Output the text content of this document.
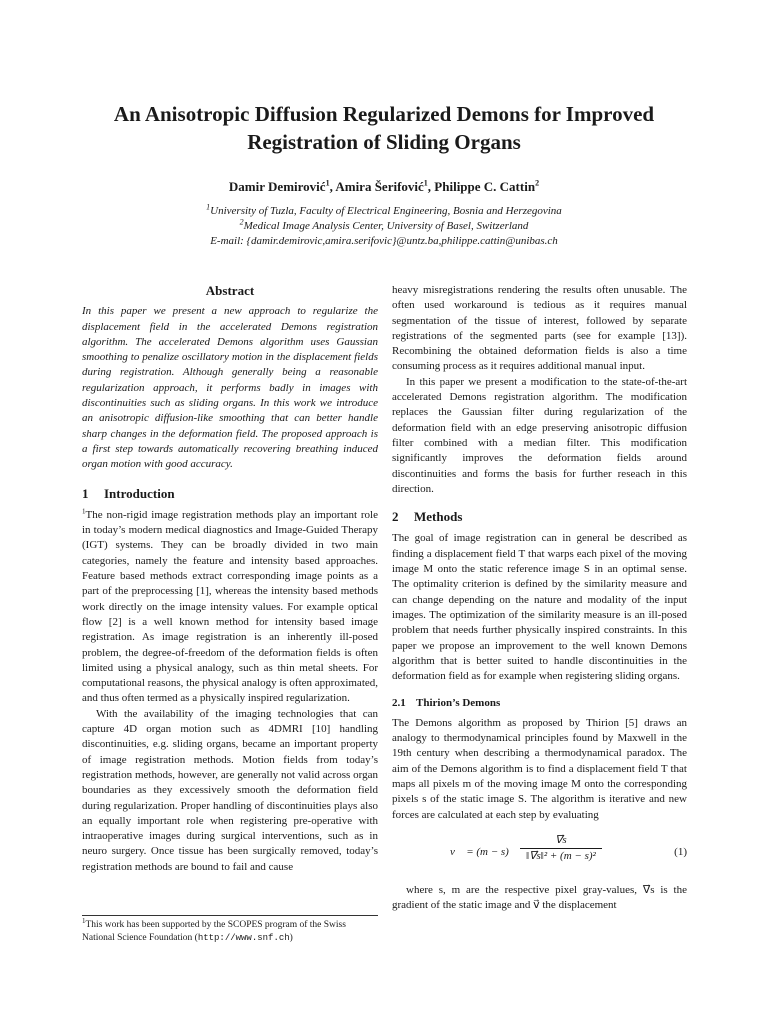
An Anisotropic Diffusion Regularized Demons for Improved
Registration of Sliding Organs
Damir Demirović$^1$, Amira Šerifović$^1$, Philippe C. Cattin$^2$
$^1$University of Tuzla, Faculty of Electrical Engineering, Bosnia and Herzegovina
$^2$Medical Image Analysis Center, University of Basel, Switzerland
E-mail: {damir.demirovic,amira.serifovic}@untz.ba,philippe.cattin@unibas.ch
Abstract

In this paper we present a new approach to regularize the displacement field in the accelerated Demons registration algorithm. The accelerated Demons algorithm uses Gaussian smoothing to penalize oscillatory motion in the displacement fields during registration. Although generally being a reasonable regularization approach, it performs badly in images with discontinuities such as sliding organs. In this work we introduce an anisotropic diffusion-like smoothing that can better handle sharp changes in the deformation field. The proposed approach is a first step towards automatically recovering breathing induced organ motion with good accuracy.

1 Introduction

$^1$The non-rigid image registration methods play an important role in today’s modern medical diagnostics and Image-Guided Therapy (IGT) systems. They can be broadly divided in two main categories, namely the feature and intensity based approaches. Feature based methods extract corresponding image points as a part of the preprocessing [1], whereas the intensity based methods work directly on the image intensity values. For example optical flow [2] is a well known method for intensity based image registration. As image registration is an inherently ill-posed problem, the degree-of-freedom of the deformation fields is often limited using a physical analogy, such as thin metal sheets. For computational reasons, the physical analogy is often approximated, and thus often termed as a physically inspired regularization.

With the availability of the imaging technologies that can capture 4D organ motion such as 4DMRI [10] handling discontinuities, e.g. sliding organs, became an important property of image registration methods. Motion fields from today’s registration methods, however, are generally not valid across organ boundaries as they excessively smooth the deformation field during regularization. Proper handling of discontinuities plays also an equally important role when registering pre-operative with intraoperative images during surgical interventions, such as in neuro surgery. Once tissue has been surgically removed, today’s registration methods are bound to fail and cause

$^1$This work has been supported by the SCOPES program of the Swiss National Science Foundation (http://www.snf.ch)

heavy misregistrations rendering the results often unusable. The often used workaround is tedious as it requires manual segmentation of the tissue of interest, followed by separate registrations of the segmented parts (see for example [13]). Recombining the obtained deformation fields is also a time consuming process as it requires additional manual input.

In this paper we present a modification to the state-of-the-art accelerated Demons registration algorithm. The modification replaces the Gaussian filter during regularization of the deformation field with an edge preserving anisotropic diffusion filter combined with a median filter. This modification significantly improves the deformation fields around discontinuities and forms the basis for further reseach in this direction.

2 Methods

The goal of image registration can in general be described as finding a displacement field T that warps each pixel of the moving image M onto the static reference image S in an optimal sense. The optimality criterion is defined by the similarity measure and can change depending on the nature and modality of the input images. The optimization of the similarity measure is an ill-posed problem that needs further physically inspired constraints. In this paper we propose an improvement to the well known Demons algorithm that is better suited to handle discontinuities in the deformation field as for example when registering sliding organs.

2.1 Thirion’s Demons

The Demons algorithm as proposed by Thirion [5] draws an analogy to thermodynamical principles found by Maxwell in the 19th century when describing a thermodynamical paradox. The aim of the Demons algorithm is to find a displacement field T that maps all pixels m of the moving image M onto the corresponding pixels s of the static image S. The algorithm is iterative and new forces are calculated at each step by evaluating

v⃗ = $(m - s) \frac{\nabla⃗s}{\text{‖∇⃗s‖² + (m − s)²}}$	(1)

where s, m are the respective pixel gray-values, ∇⃗s is the gradient of the static image and v⃗ the displacement
